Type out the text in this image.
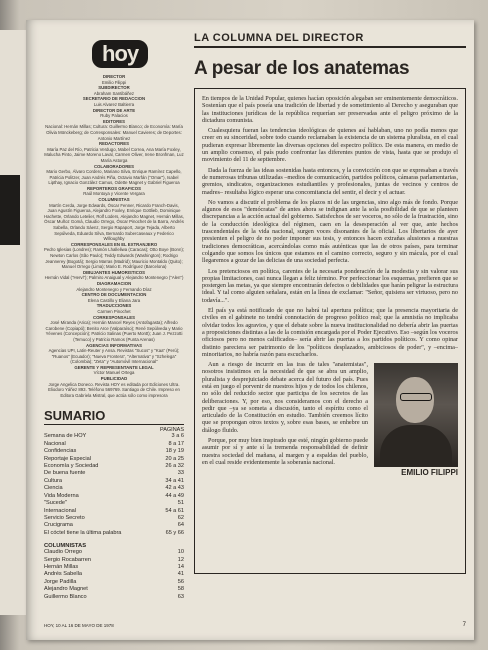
hoy
DIRECTOR
Emilio Filippi
SUBDIRECTOR
Abraham Santibáñez
SECRETARIO DE REDACCION
Luis Alvarez Baltierra
DIRECTOR DE ARTE
Ruby Palacios
EDITORES
Nacional: Hernán Millas; Cultura: Guillermo Blanco; de Economía: María Olivia Mönckeberg; de Corresponsales: Manuel Cavieres; de Deportes: Antonio Martínez
REDACTORES
María Paz del Río, Patricia Verdugo, Mabel Correa, Ana María Foxley, Malucha Pinto, Jaime Moreno Laval, Carmen Oliver, Irene Bronfman, Luz María Astorga
COLABORADORES
Mario Gerbo, Álvaro Cordero, Mariano Silva, Enrique Ramírez Capello, Patricia Politzer, Juan Andrés Piña, Octavio Marfán ("Omar"), Isabel Lipthay, Ignacio González Camus, Odette Magnet y Gabriel Figueroa
REPORTEROS GRAFICOS
Raúl Montoya y Vicente Vergara
COLUMNISTAS
Martín Cerda, Jorge Edwards, Óscar Fenner, Ricardo Franch-Davis, Juan Agustín Figueroa, Alejandro Foxley, Enrique Gottlieb, Dominique Hachette, Orlando Letelier, Rolf Lüders, Alejandro Magnet, Hernán Millas, Óscar Muñoz Gomá, Claudio Orrego, Óscar Pinochet de la Barra, Andrés Sabella, Orlando Sáenz, Sergio Rapaport, Jorge Tejada, Alberto Sepúlveda, Eduardo Silva, Bernardo Subercaseaux y Federico Willoughby
CORRESPONSALES EN EL EXTRANJERO
Pedro Iglesias (Londres); Ramón Lhalleliwa (Caracas); Otto Boye (Bonn); Newton Carlos (São Paulo); Teddy Edwards (Washington); Rodrigo Jeannerey (Bogotá); Sergio Marras (Madrid); Mauricio Montaldo (Quito); Manuel Orrego (Lima); Mario E. Rodríguez (Barcelona)
DIBUJANTES HUMORISTICOS
Hernán Vidal ("Hervi"); Palmiro Anaigual y Alejandro Montenegro ("Alen")
DIAGRAMACION
Alejandro Montenegro y Fernando Díaz
CENTRO DE DOCUMENTACION
Elena Castillo y Eliana Jara
TRADUCCIONES
Carmen Pinochet
CORRESPONSALES
José Miranda (Arica); Hernán Mancel Reyes (Antofagasta); Alfredo Carobene (Copiapó); Benito Arce (Valparaíso); René Sepúlveda y Mario Yévenes (Concepción); Patricio Salinas (Puerto Montt); Juan J. Pezzotti (Temuco) y Patricio Ramos (Punta Arenas)
AGENCIAS INFORMATIVAS
Agencias UPI, Latin-Reuter y Ansa. Revistas "Sucos" y "Kaa" (Perú); "Ruanos" (Ecuador); "Nueva Frontera", "Alternativa" y "Szhelega" (Colombia); "Zeta" y "Automóvil Internacional"
GERENTE Y REPRESENTANTE LEGAL
Víctor Manuel Ortega
PUBLICIDAD
Jorge Angelica Doneco. Revista HOY es editada por Ediciones Ultra. Eliodoro Yáñez 893. Teléfono 569769. Santiago de Chile. Impreso en Editora Gabriela Mistral, que actúa sólo como impresora
SUMARIO
PAGINAS
Semana de HOY	3 a 6
Nacional	8 a 17
Confidencias	18 y 19
Reportaje Especial	20 a 25
Economía y Sociedad	26 a 32
De buena fuente	33
Cultura	34 a 41
Ciencia	42 a 43
Vida Moderna	44 a 49
"Sucede"	51
Internacional	54 a 61
Servicio Secreto	62
Crucigrama	64
El cóctel tiene la última palabra	65 y 66
COLUMNISTAS
Claudio Orrego	10
Sergio Rocabarren	12
Hernán Millas	14
Andrés Sabella	41
Jorge Padilla	56
Alejandro Magnet	58
Guillermo Blanco	63
LA COLUMNA DEL DIRECTOR
A pesar de los anatemas

En tiempos de la Unidad Popular, quienes hacían oposición alegaban ser eminentemente democráticos. Sostenían que el país poseía una tradición de libertad y de sometimiento al Derecho y aseguraban que las instituciones jurídicas de la república requerían ser preservadas ante el peligro próximo de la dictadura comunista.

Cualesquiera fueran las tendencias ideológicas de quienes así hablaban, uno no podía menos que creer en su sinceridad, sobre todo cuando reclamaban la existencia de un sistema pluralista, en el cual pudieran expresar libremente las diversas opciones del espectro político. De esta manera, en medio de un amplio consenso, el país pudo confrontar las diferentes puntos de vista, hasta que se produjo el movimiento del 11 de septiembre.

Dada la fuerza de las ideas sostenidas hasta entonces, y la convicción con que se expresaban a través de numerosas tribunas utilizadas –medios de comunicación, partidos políticos, cámaras parlamentarias, gremios, sindicatos, organizaciones estudiantiles y profesionales, juntas de vecinos y centros de madres– resultaba lógico esperar una concomitancia del sentir, el decir y el actuar.

No vamos a discutir el problema de los plazos ni de las urgencias, sino algo más de fondo. Porque algunos de esos "demócratas" de antes ahora se indignan ante la sola posibilidad de que se planteen discrepancias a la acción actual del gobierno. Satisfechos de ser voceros, no sólo de la frustración, sino de la conducción ideológica del régimen, caen en la desesperación al ver que, ante hechos trascendentales de la vida nacional, surgen voces disonantes de la oficial. Los libertarios de ayer presienten el peligro de no poder imponer sus tesis, y entonces hacen extrañas alusiones a nuestras tradiciones democráticas, acercándolas como más auténticas que las de otros países, para terminar colgando que somos los únicos que estamos en el camino correcto, seguro y sin mácula, por el cual llegaremos a gozar de las delicias de una sociedad perfecta.

Los pretenciosos en política, carentes de la necesaria ponderación de la modestia y sin valorar sus propias limitaciones, casi nunca llegan a feliz término. Por perfeccionar los esquemas, prefieren que se postergen las metas, ya que siempre encontrarán defectos o debilidades que harán peligrar la estructura ideal. Y tal como alguien señalara, están en la línea de exclamar: "Señor, quisiera ser virtuoso, pero no todavía...".

El país ya está notificado de que no habrá tal apertura política; que la presencia mayoritaria de civiles en el gabinete no tendrá connotación de progreso político real; que la amnistía no implicaba olvidar todos los agravios, y que el debate sobre la nueva institucionalidad no debería abrir las puertas a proposiciones distintas a las de la comisión encargada por el Poder Ejecutivo. Eso –según los voceros oficiosos pero no menos calificados– sería abrir las puertas a los partidos políticos. Y como opinar distinto pareciera ser patrimonio de los "políticos desplazados, ambiciosos de poder", y –encima– minoritarios, no habría razón para escucharlos.

Aun a riesgo de incurrir en las iras de tales "anatemistas", nosotros insistimos en la necesidad de que se abra un amplio, pluralista y desprejuiciado debate acerca del futuro del país. Pues está en juego el porvenir de nuestros hijos y de todos los chilenos, no sólo del reducido sector que participa de los secretos de las deliberaciones. Y, por eso, nos consideramos con el derecho a pedir que –ya se someta a discusión, tanto el espíritu como el articulado de la Constitución en estudio. También creemos lícito que se propongan otros textos y, sobre esas bases, se enhebre un diálogo fluido.

Porque, por muy bien inspirado que esté, ningún gobierno puede asumir por sí y ante sí la tremenda responsabilidad de definir nuestra sociedad del mañana, al margen y a espaldas del pueblo, en el cual reside evidentemente la soberanía nacional.

EMILIO FILIPPI
HOY, 10 AL 16 DE MAYO DE 1978	7
